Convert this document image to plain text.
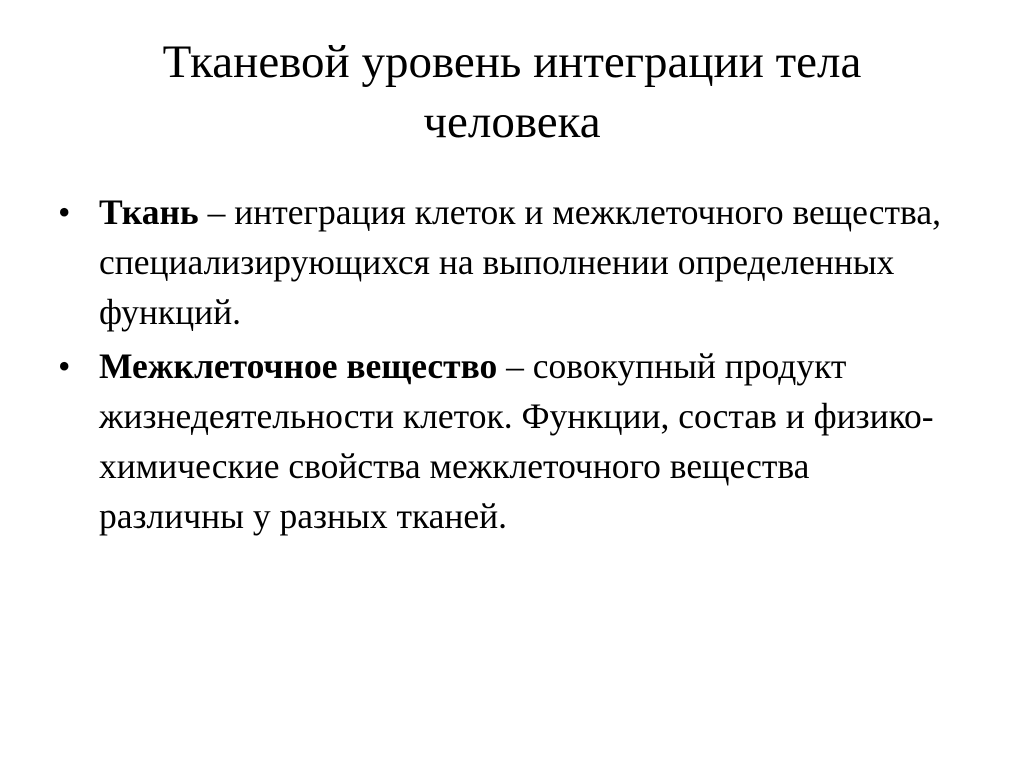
Тканевой уровень интеграции тела
человека
• Ткань – интеграция клеток и межклеточного вещества, специализирующихся на выполнении определенных функций.
• Межклеточное вещество – совокупный продукт жизнедеятельности клеток. Функции, состав и физико-химические свойства межклеточного вещества различны у разных тканей.
